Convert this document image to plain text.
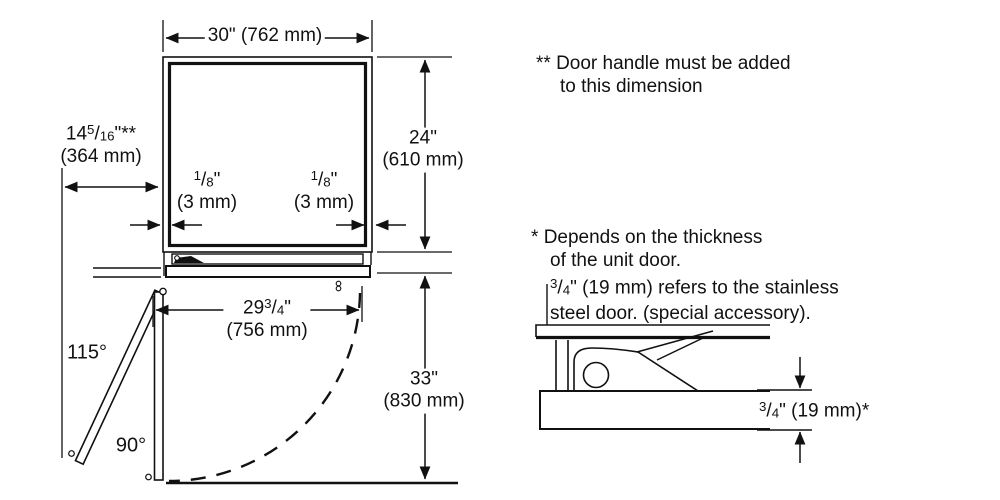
30" (762 mm)
24"
(610 mm)
33"
(830 mm)
$14^5/_{16}"**$
(364 mm)
$^1/_8$"
(3 mm)
$^1/_8$"
(3 mm)
$29^3/_4$"
(756 mm)
115°
90°
** Door handle must be added
to this dimension
* Depends on the thickness
of the unit door.
$^3/_4$" (19 mm) refers to the stainless
steel door. (special accessory).
$^3/_4$" (19 mm)*
